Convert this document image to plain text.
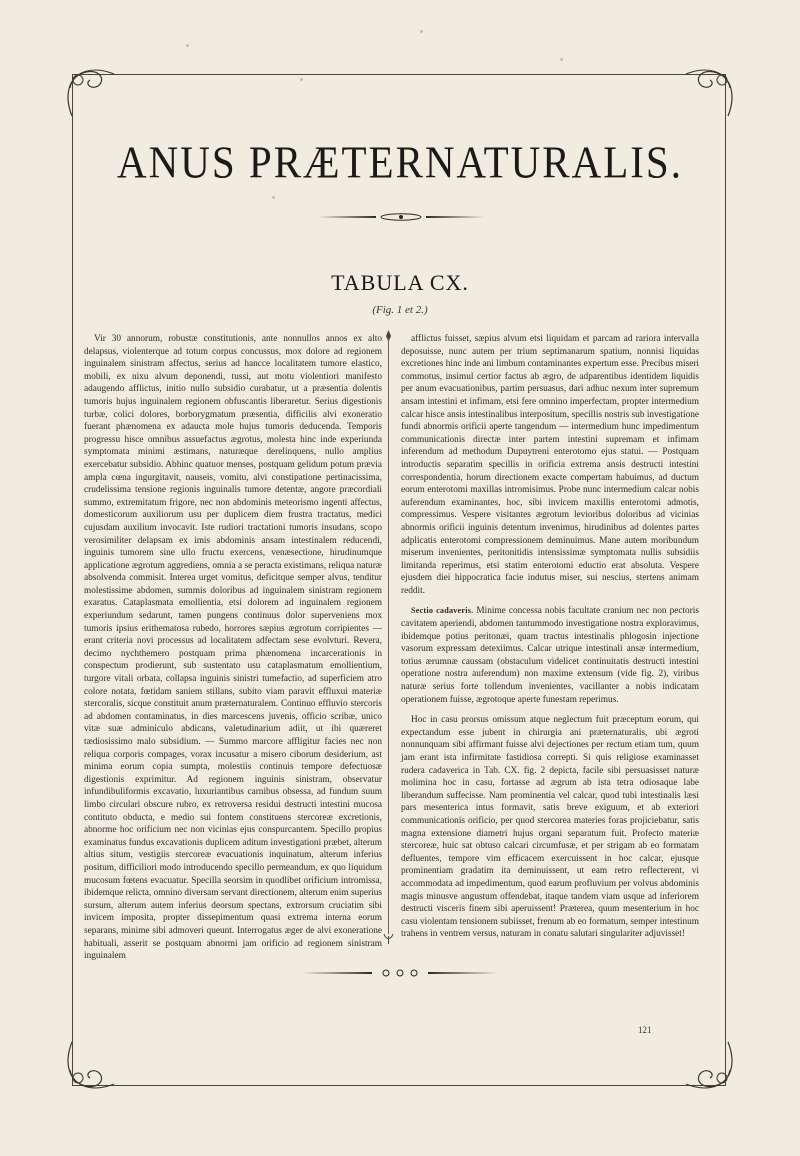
ANUS PRÆTERNATURALIS.
TABULA CX.
(Fig. 1 et 2.)

Vir 30 annorum, robustæ constitutionis, ante nonnullos annos ex alto delapsus, violenterque ad totum corpus concussus, mox dolore ad regionem inguinalem sinistram affectus, serius ad hancce localitatem tumore elastico, mobili, ex nixu alvum deponendi, tussi, aut motu violentiori manifesto adaugendo afflictus, initio nullo subsidio curabatur, ut a præsentia dolentis tumoris hujus inguinalem regionem obfuscantis liberaretur. Serius digestionis turbæ, colici dolores, borborygmatum præsentia, difficilis alvi exoneratio fuerant phænomena ex adaucta mole hujus tumoris deducenda. Temporis progressu hisce omnibus assuefactus ægrotus, molesta hinc inde experiunda symptomata minimi æstimans, naturæque derelinquens, nullo amplius exercebatur subsidio. Abhinc quatuor menses, postquam gelidum potum prævia ampla cœna ingurgitavit, nauseis, vomitu, alvi constipatione pertinacissima, crudelissima tensione regionis inguinalis tumore detentæ, angore præcordiali summo, extremitatum frigore, nec non abdominis meteorismo ingenti affectus, domesticorum auxiliorum usu per duplicem diem frustra tractatus, medici cujusdam auxilium invocavit. Iste rudiori tractationi tumoris insudans, scopo verosimiliter delapsam ex imis abdominis ansam intestinalem reducendi, inguinis tumorem sine ullo fructu exercens, venæsectione, hirudinumque applicatione ægrotum aggrediens, omnia a se peracta existimans, reliqua naturæ absolvenda commisit. Interea urget vomitus, deficitque semper alvus, tenditur molestissime abdomen, summis doloribus ad inguinalem sinistram regionem exaratus. Cataplasmata emollientia, etsi dolorem ad inguinalem regionem experiundum sedarunt, tamen pungens continuus dolor superveniens mox tumoris ipsius erithematosa rubedo, horrores sæpius ægrotum corripientes — erant criteria novi processus ad localitatem adfectam sese evolvturi. Revera, decimo nychthemero postquam prima phænomena incarcerationis in conspectum prodierunt, sub sustentato usu cataplasmatum emollientium, turgore vitali orbata, collapsa inguinis sinistri tumefactio, ad superficiem atro colore notata, fœtidam saniem stillans, subito viam paravit effluxui materiæ stercoralis, sicque constituit anum præternaturalem. Continuo effluvio stercoris ad abdomen contaminatus, in dies marcescens juvenis, officio scribæ, unico vitæ suæ adminiculo abdicans, valetudinarium adiit, ut ibi quæreret tædiosissimo malo subsidium. — Summo marcore affligitur facies nec non reliqua corporis compages, vorax incusatur a misero ciborum desiderium, ast minima eorum copia sumpta, molestiis continuis tempore defectuosæ digestionis exprimitur. Ad regionem inguinis sinistram, observatur infundibuliformis excavatio, luxuriantibus carnibus obsessa, ad fundum suum limbo circulari obscure rubro, ex retroversa residui destructi intestini mucosa contituto obducta, e medio sui fontem constituens stercoreæ excretionis, abnorme hoc orificium nec non vicinias ejus conspurcantem. Specillo propius examinatus fundus excavationis duplicem aditum investigationi præbet, alterum altius situm, vestigiis stercoreæ evacuationis inquinatum, alterum inferius positum, difficiliori modo introducendo specillo permeandum, ex quo liquidum mucosum fœtens evacuatur. Specilla seorsim in quodlibet orificium intromissa, ibidemque relicta, omnino diversam servant directionem, alterum enim superius sursum, alterum autem inferius deorsum spectans, extrorsum cruciatim sibi invicem imposita, propter dissepimentum quasi extrema interna eorum separans, minime sibi admoveri queunt. Interrogatus æger de alvi exoneratione habituali, asserit se postquam abnormi jam orificio ad regionem sinistram inguinalem

afflictus fuisset, sæpius alvum etsi liquidam et parcam ad rariora intervalla deposuisse, nunc autem per trium septimanarum spatium, nonnisi liquidas excretiones hinc inde ani limbum contaminantes expertum esse. Precibus miseri commotus, insimul certior factus ab ægro, de adparentibus identidem liquidis per anum evacuationibus, partim persuasus, dari adhuc nexum inter supremum ansam intestini et infimam, etsi fere omnino imperfectam, propter intermedium calcar hisce ansis intestinalibus interpositum, specillis nostris sub investigatione fundi abnormis orificii aperte tangendum — intermedium hunc impedimentum communicationis directæ inter partem intestini supremam et infimam inferendum ad methodum Dupuytreni enterotomo ejus statui. — Postquam introductis separatim specillis in orificia extrema ansis destructi intestini correspondentia, horum directionem exacte compertam habuimus, ad ductum eorum enterotomi maxillas intromisimus. Probe nunc intermedium calcar nobis auferendum examinantes, hoc, sibi invicem maxillis enterotomi admotis, compressimus. Vespere visitantes ægrotum levioribus doloribus ad vicinias abnormis orificii inguinis detentum invenimus, hirudinibus ad dolentes partes adplicatis enterotomi compressionem deminuimus. Mane autem moribundum miserum invenientes, peritonitidis intensissimæ symptomata nullis subsidiis limitanda reperimus, etsi statim enterotomi eductio erat absoluta. Vespere ejusdem diei hippocratica facie indutus miser, sui nescius, stertens animam reddit.

Sectio cadaveris. Minime concessa nobis facultate cranium nec non pectoris cavitatem aperiendi, abdomen tantummodo investigatione nostra exploravimus, ibidemque potius peritonæi, quam tractus intestinalis phlogosin injectione vasorum expressam detexiimus. Calcar utrique intestinali ansæ intermedium, totius ærumnæ caussam (obstaculum videlicet continuitatis destructi intestini operatione nostra auferendum) non maxime extensum (vide fig. 2), viribus naturæ serius forte tollendum invenientes, vacillanter a nobis indicatam operationem fuisse, ægrotoque aperte funestam reperimus.

Hoc in casu prorsus omissum atque neglectum fuit præceptum eorum, qui expectandum esse jubent in chirurgia ani præternaturalis, ubi ægroti nonnunquam sibi affirmant fuisse alvi dejectiones per rectum etiam tum, quum jam erant ista infirmitate fastidiosa correpti. Si quis religiose examinasset rudera cadaverica in Tab. CX. fig. 2 depicta, facile sibi persuasisset naturæ molimina hoc in casu, fortasse ad ægrum ab ista tetra odiosaque labe liberandum suffecisse. Nam prominentia vel calcar, quod tubi intestinalis læsi pars mesenterica intus formavit, satis breve exiguum, et ab exteriori communicationis orificio, per quod stercorea materies foras projiciebatur, satis magna extensione diametri hujus organi separatum fuit. Profecto materiæ stercoreæ, huic sat obtuso calcari circumfusæ, et per strigam ab eo formatam defluentes, tempore vim efficacem exercuissent in hoc calcar, ejusque prominentiam gradatim ita deminuissent, ut eam retro reflecterent, vi accommodata ad impedimentum, quod earum profluvium per volvus abdominis magis minusve angustum offendebat, itaque tandem viam usque ad inferiorem destructi visceris finem sibi aperuissent! Præterea, quum mesenterium in hoc casu violentam tensionem subiisset, frenum ab eo formatum, semper intestinum trahens in ventrem versus, naturam in conatu salutari singulariter adjuvisset!

121
